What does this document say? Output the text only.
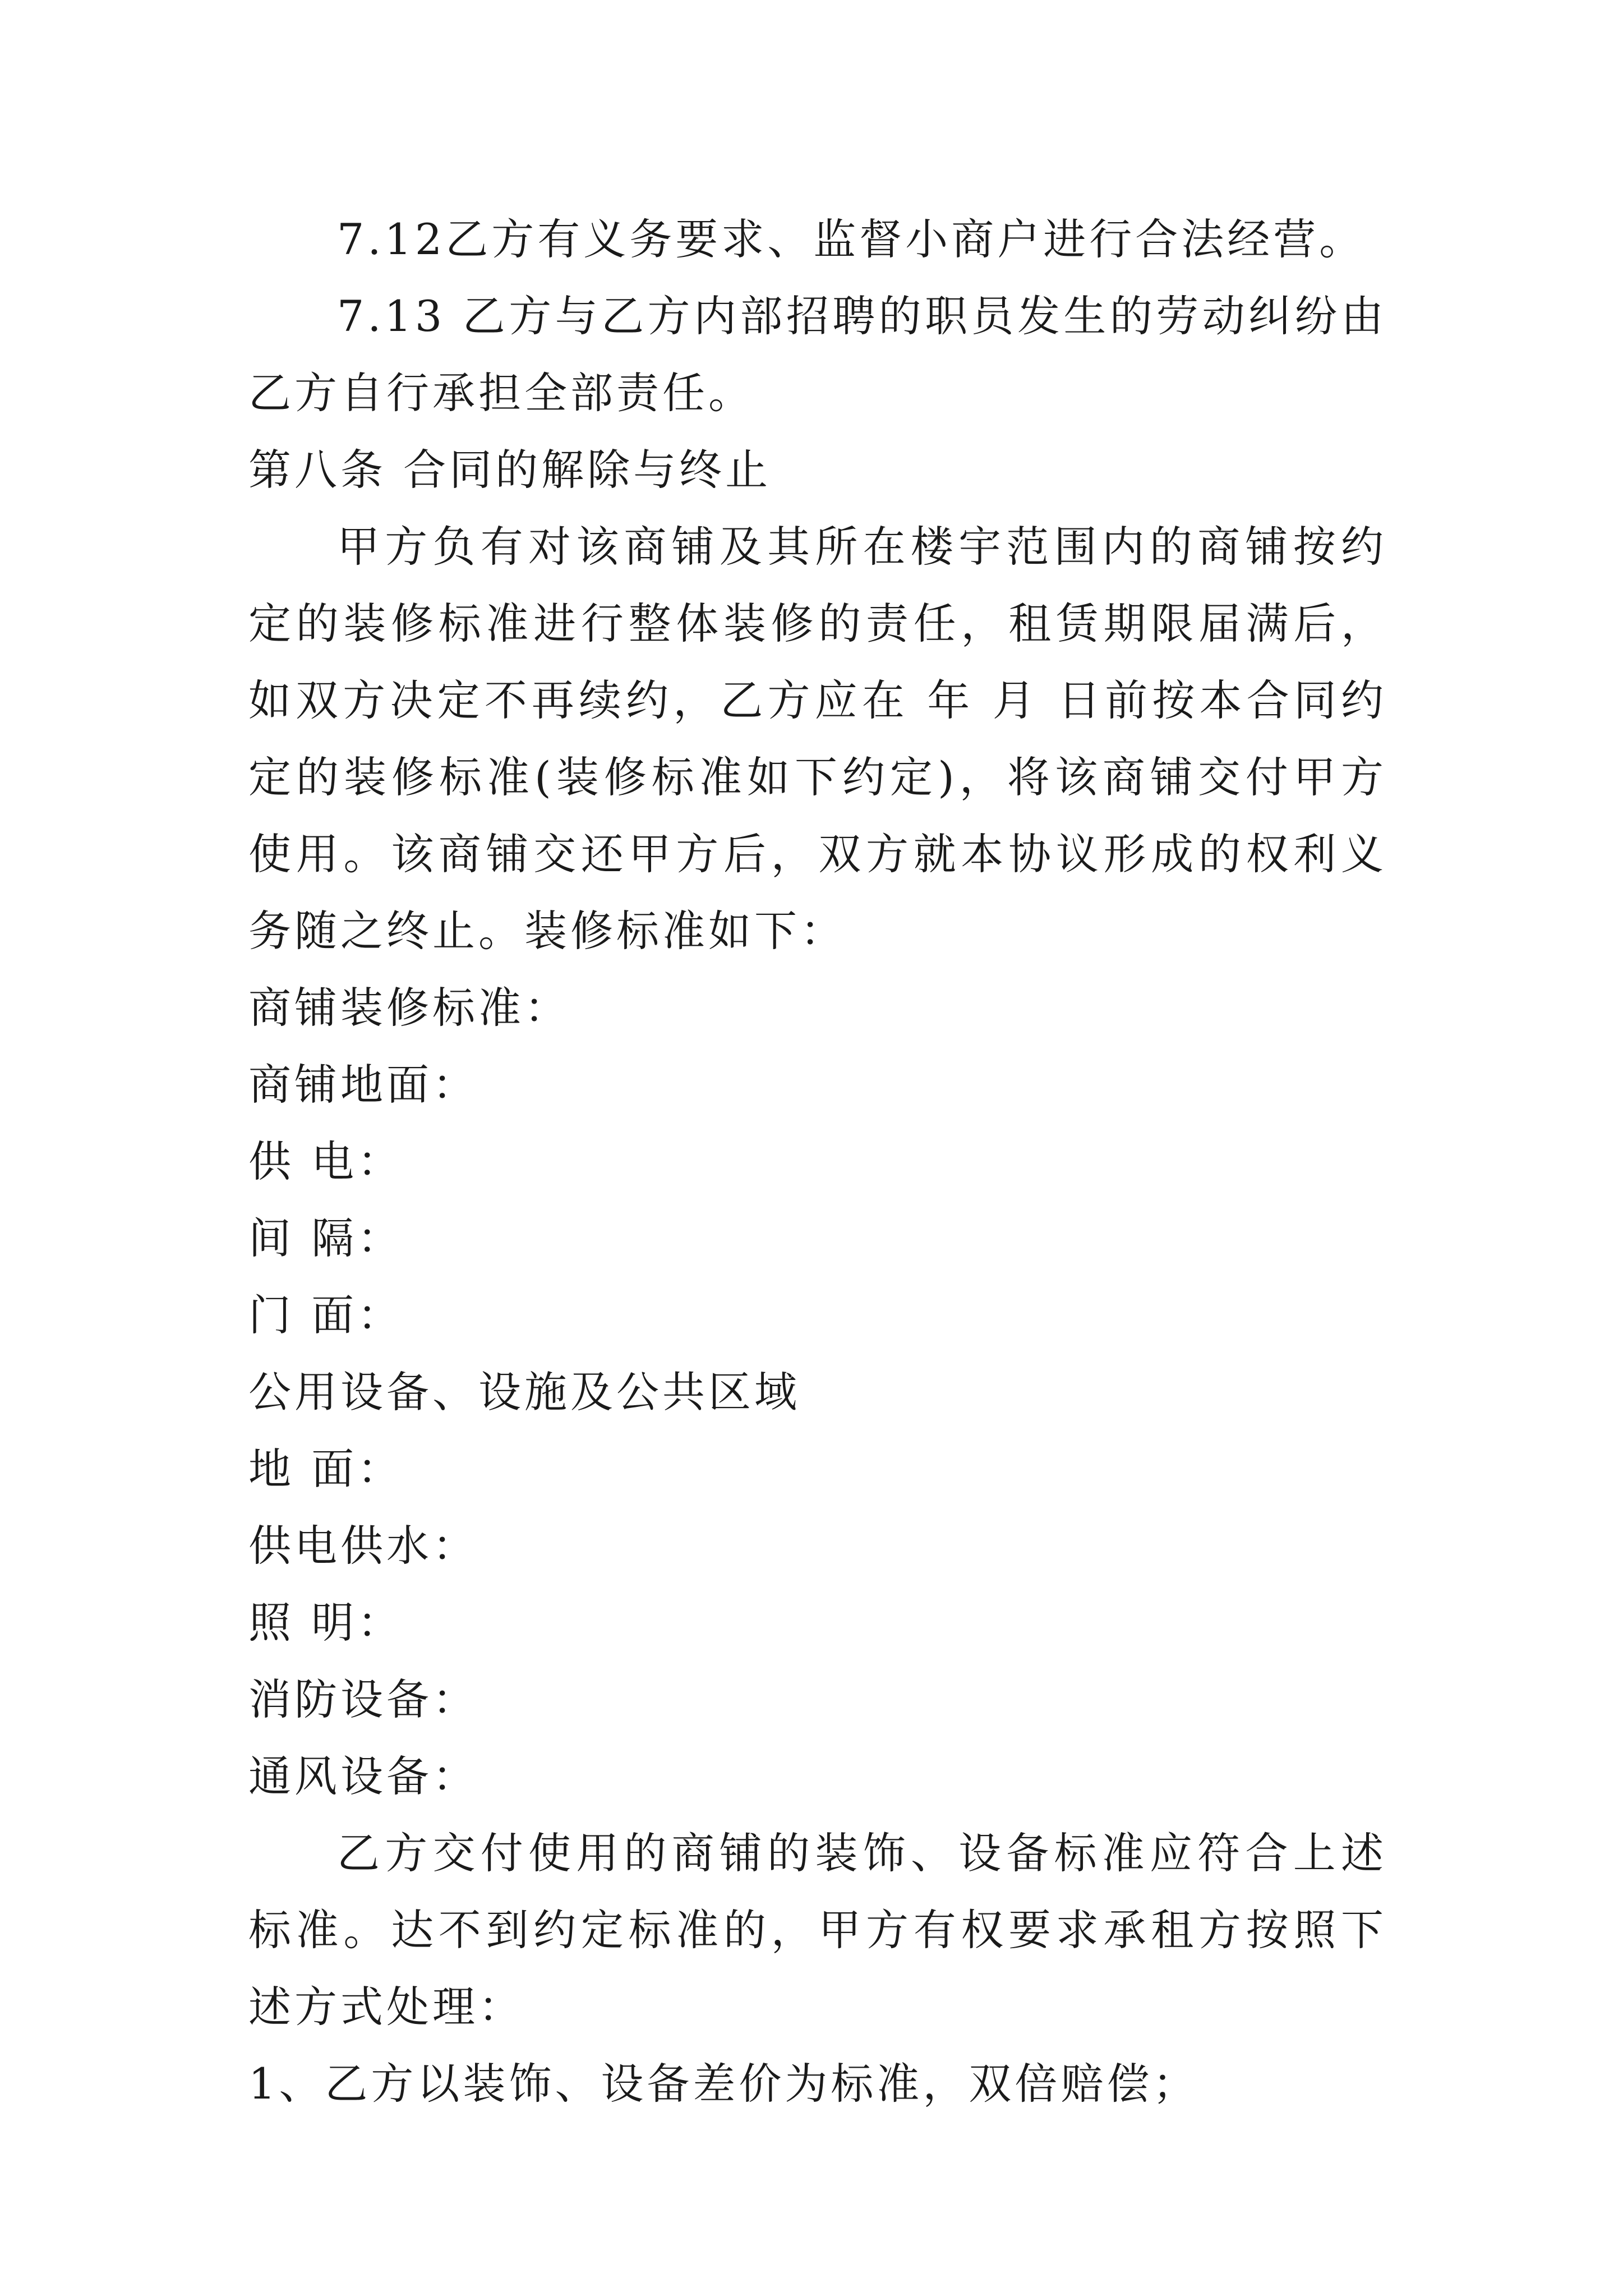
7.12乙方有义务要求、监督小商户进行合法经营。

7.13 乙方与乙方内部招聘的职员发生的劳动纠纷由乙方自行承担全部责任。

第八条 合同的解除与终止

甲方负有对该商铺及其所在楼宇范围内的商铺按约定的装修标准进行整体装修的责任，租赁期限届满后，如双方决定不再续约，乙方应在 年 月 日前按本合同约定的装修标准(装修标准如下约定)，将该商铺交付甲方使用。该商铺交还甲方后，双方就本协议形成的权利义务随之终止。装修标准如下：

商铺装修标准：

商铺地面：

供 电：

间 隔：

门 面：

公用设备、设施及公共区域

地 面：

供电供水：

照 明：

消防设备：

通风设备：

乙方交付使用的商铺的装饰、设备标准应符合上述标准。达不到约定标准的，甲方有权要求承租方按照下述方式处理：

1、乙方以装饰、设备差价为标准，双倍赔偿；
